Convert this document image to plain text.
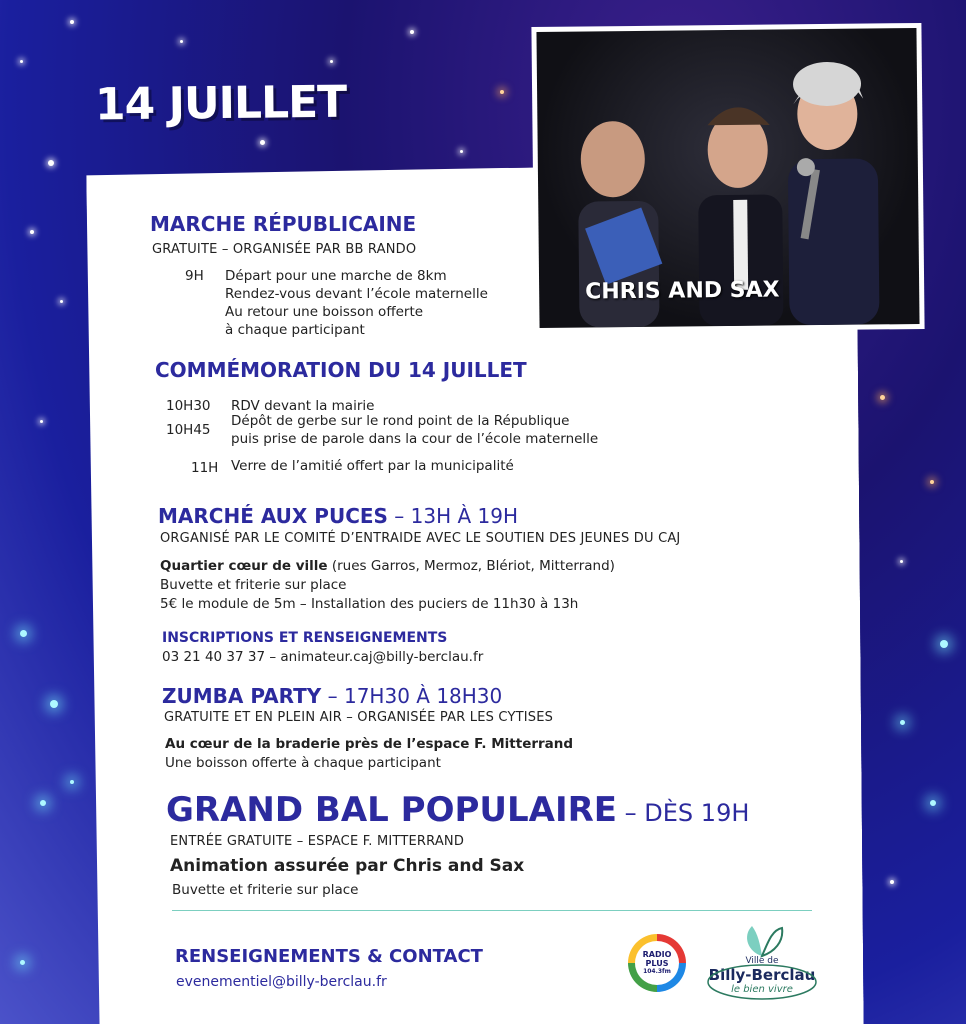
14 JUILLET
CHRIS AND SAX
MARCHE RÉPUBLICAINE
GRATUITE – ORGANISÉE PAR BB RANDO
9H Départ pour une marche de 8km
Rendez-vous devant l’école maternelle
Au retour une boisson offerte
à chaque participant
COMMÉMORATION DU 14 JUILLET
10H30 RDV devant la mairie
10H45
Dépôt de gerbe sur le rond point de la République
puis prise de parole dans la cour de l’école maternelle
11H Verre de l’amitié offert par la municipalité
MARCHÉ AUX PUCES – 13H À 19H
ORGANISÉ PAR LE COMITÉ D’ENTRAIDE AVEC LE SOUTIEN DES JEUNES DU CAJ
Quartier cœur de ville (rues Garros, Mermoz, Blériot, Mitterrand)
Buvette et friterie sur place
5€ le module de 5m – Installation des puciers de 11h30 à 13h
INSCRIPTIONS ET RENSEIGNEMENTS
03 21 40 37 37 – animateur.caj@billy-berclau.fr
ZUMBA PARTY – 17H30 À 18H30
GRATUITE ET EN PLEIN AIR – ORGANISÉE PAR LES CYTISES
Au cœur de la braderie près de l’espace F. Mitterrand
Une boisson offerte à chaque participant
GRAND BAL POPULAIRE – DÈS 19H
ENTRÉE GRATUITE – ESPACE F. MITTERRAND
Animation assurée par Chris and Sax
Buvette et friterie sur place
RENSEIGNEMENTS & CONTACT
evenementiel@billy-berclau.fr
RADIO
PLUS
104.3fm
Ville de
Billy-Berclau
le bien vivre
